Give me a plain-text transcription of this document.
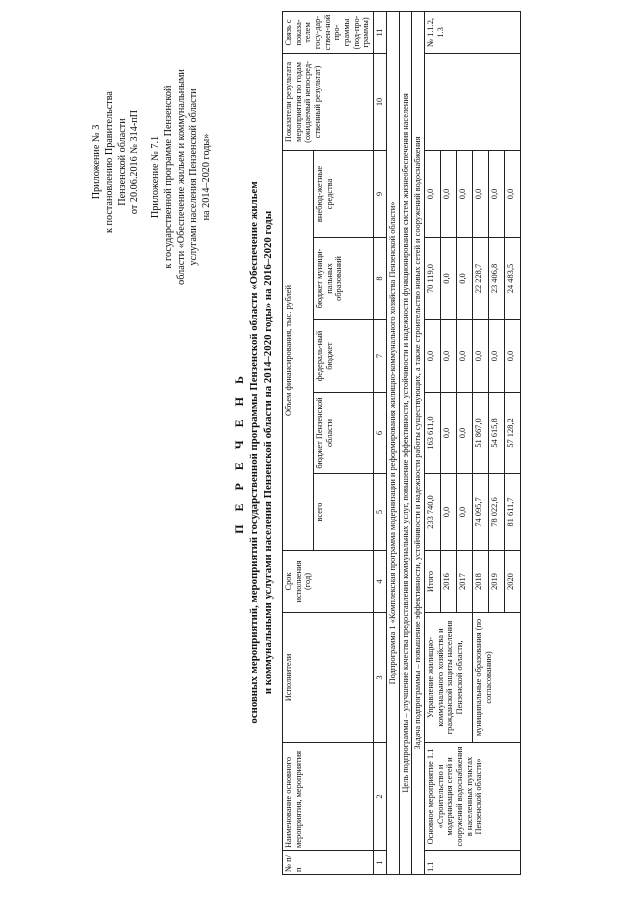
Приложение № 3 к постановлению Правительства Пензенской области от 20.06.2016 № 314-пП Приложение № 7.1 к государственной программе Пензенской области «Обеспечение жильем и коммунальными услугами населения Пензенской области на 2014–2020 годы»
П Е Р Е Ч Е Н Ь основных мероприятий, мероприятий государственной программы Пензенской области «Обеспечение жильем и коммунальными услугами населения Пензенской области на 2014–2020 годы» на 2016–2020 годы
№ п/п	Наименование основного мероприятия, мероприятия	Исполнители	Срок исполнения (год)	Объем финансирования, тыс. рублей					Показатели результата мероприятия по годам (ожидаемый непосред-ственный результат)	Связь с показа-телем госу-дар-ствен-ной про-граммы (под-про-граммы)
				всего	бюджет Пензенской области	федераль-ный бюджет	бюджет муници-пальных образований	внебюд-жетные средства		
1	2	3	4	5	6	7	8	9	10	11
Подпрограмма 1 «Комплексная программа модернизации и реформирования жилищно-коммунального хозяйства Пензенской области»										
Цель подпрограммы – улучшение качества предоставления коммунальных услуг, повышение эффективности, устойчивости и надежности функционирования систем жизнеобеспечения населения										
Задача подпрограммы – повышение эффективности, устойчивости и надежности работы существующих, а также строительство новых сетей и сооружений водоснабжения										
1.1	Основное мероприятие 1.1 «Строительство и модернизация сетей и сооружений водоснабжения в населенных пунктах Пензенской области»	Управление жилищно-коммунального хозяйства и гражданской защиты населения Пензенской области,	Итого	233 740,0	163 611,0	0,0	70 119,0	0,0		№ 1.1.2, 1.3
			2016	0,0	0,0	0,0	0,0	0,0		
			2017	0,0	0,0	0,0	0,0	0,0		
		муниципальные образования (по согласованию)	2018	74 095,7	51 867,0	0,0	22 228,7	0,0		
			2019	78 022,6	54 615,8	0,0	23 406,8	0,0		
			2020	81 611,7	57 128,2	0,0	24 483,5	0,0		
